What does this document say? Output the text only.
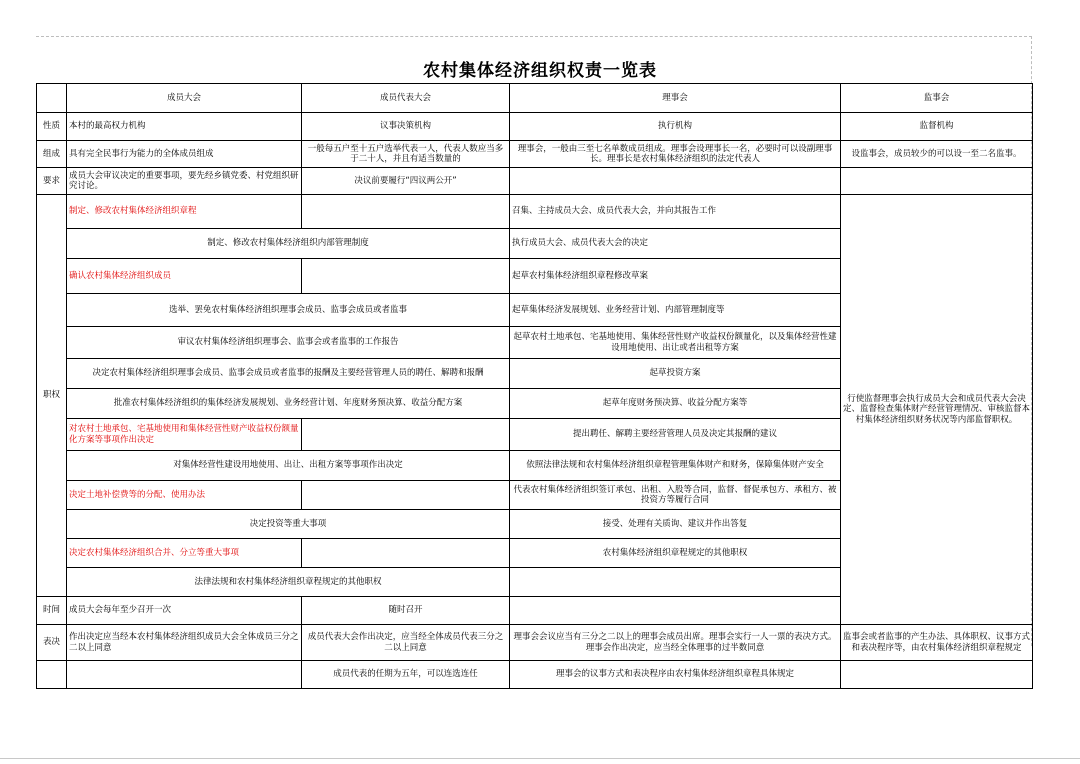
农村集体经济组织权责一览表
	成员大会	成员代表大会	理事会	监事会
性质	本村的最高权力机构	议事决策机构	执行机构	监督机构
组成	具有完全民事行为能力的全体成员组成	一般每五户至十五户选举代表一人，代表人数应当多于二十人，并且有适当数量的	理事会，一般由三至七名单数成员组成。理事会设理事长一名，必要时可以设副理事长。理事长是农村集体经济组织的法定代表人	设监事会，成员较少的可以设一至二名监事。
要求	成员大会审议决定的重要事项，要先经乡镇党委、村党组织研究讨论。	决议前要履行“四议两公开”		
职权	制定、修改农村集体经济组织章程		召集、主持成员大会、成员代表大会，并向其报告工作	行使监督理事会执行成员大会和成员代表大会决定、监督检查集体财产经营管理情况、审核监督本村集体经济组织财务状况等内部监督职权。
	制定、修改农村集体经济组织内部管理制度		执行成员大会、成员代表大会的决定	
	确认农村集体经济组织成员		起草农村集体经济组织章程修改草案	
	选举、罢免农村集体经济组织理事会成员、监事会成员或者监事		起草集体经济发展规划、业务经营计划、内部管理制度等	
	审议农村集体经济组织理事会、监事会或者监事的工作报告		起草农村土地承包、宅基地使用、集体经营性财产收益权份额量化，以及集体经营性建设用地使用、出让或者出租等方案	
	决定农村集体经济组织理事会成员、监事会成员或者监事的报酬及主要经营管理人员的聘任、解聘和报酬		起草投资方案	
	批准农村集体经济组织的集体经济发展规划、业务经营计划、年度财务预决算、收益分配方案		起草年度财务预决算、收益分配方案等	
	对农村土地承包、宅基地使用和集体经营性财产收益权份额量化方案等事项作出决定		提出聘任、解聘主要经营管理人员及决定其报酬的建议	
	对集体经营性建设用地使用、出让、出租方案等事项作出决定		依照法律法规和农村集体经济组织章程管理集体财产和财务，保障集体财产安全	
	决定土地补偿费等的分配、使用办法		代表农村集体经济组织签订承包、出租、入股等合同，监督、督促承包方、承租方、被投资方等履行合同	
	决定投资等重大事项		接受、处理有关质询、建议并作出答复	
	决定农村集体经济组织合并、分立等重大事项		农村集体经济组织章程规定的其他职权	
	法律法规和农村集体经济组织章程规定的其他职权			
时间	成员大会每年至少召开一次	随时召开		
表决	作出决定应当经本农村集体经济组织成员大会全体成员三分之二以上同意	成员代表大会作出决定，应当经全体成员代表三分之二以上同意	理事会会议应当有三分之二以上的理事会成员出席。理事会实行一人一票的表决方式。理事会作出决定，应当经全体理事的过半数同意	监事会或者监事的产生办法、具体职权、议事方式和表决程序等，由农村集体经济组织章程规定
		成员代表的任期为五年，可以连选连任	理事会的议事方式和表决程序由农村集体经济组织章程具体规定	
